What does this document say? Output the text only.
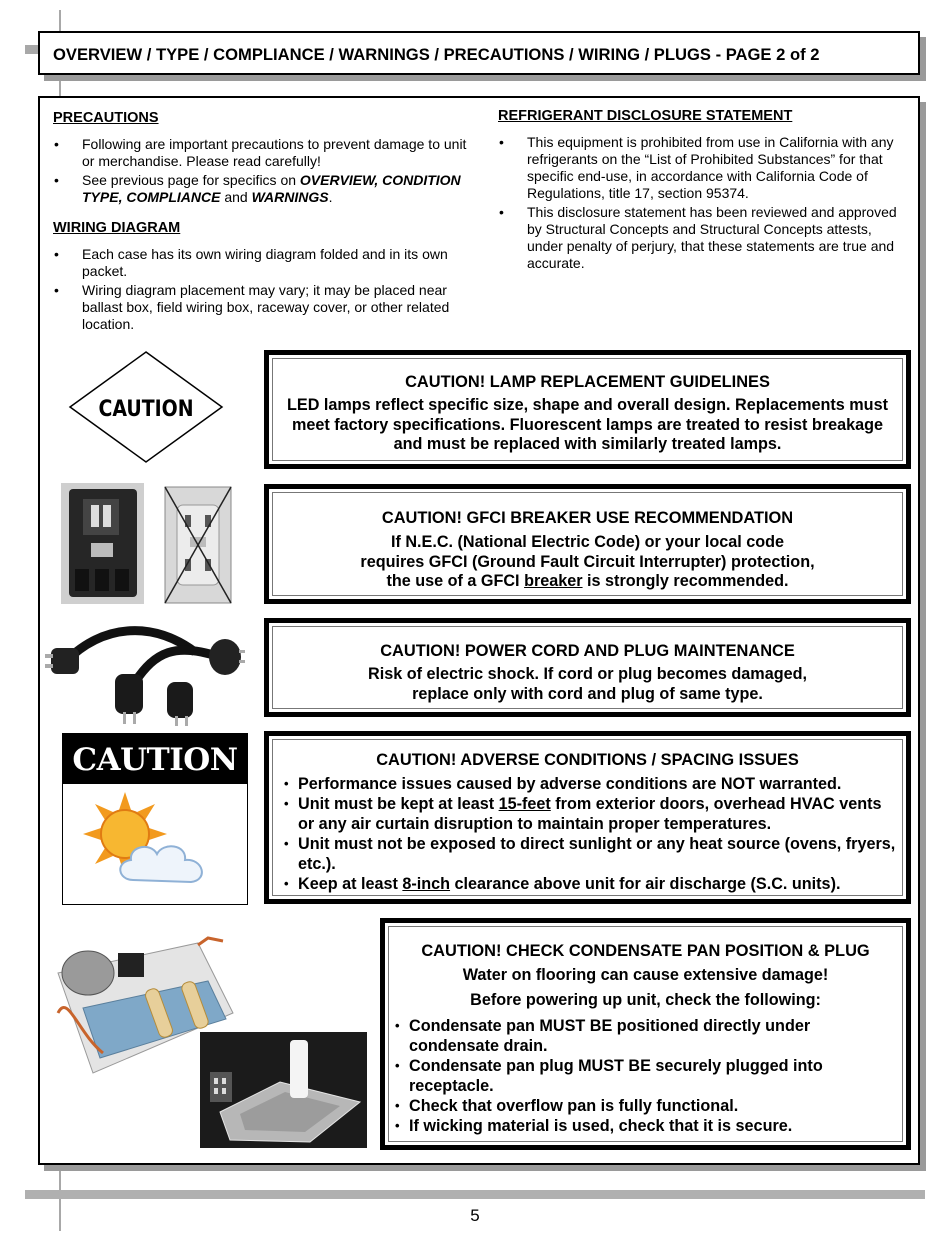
OVERVIEW / TYPE / COMPLIANCE / WARNINGS / PRECAUTIONS / WIRING / PLUGS - PAGE 2 of 2
PRECAUTIONS
• Following are important precautions to prevent damage to unit or merchandise. Please read carefully!
• See previous page for specifics on OVERVIEW, CONDITION TYPE, COMPLIANCE and WARNINGS.
WIRING DIAGRAM
• Each case has its own wiring diagram folded and in its own packet.
• Wiring diagram placement may vary; it may be placed near ballast box, field wiring box, raceway cover, or other related location.
REFRIGERANT DISCLOSURE STATEMENT
• This equipment is prohibited from use in California with any refrigerants on the “List of Prohibited Substances” for that specific end-use, in accordance with California Code of Regulations, title 17, section 95374.
• This disclosure statement has been reviewed and approved by Structural Concepts and Structural Concepts attests, under penalty of perjury, that these statements are true and accurate.
CAUTION
CAUTION! LAMP REPLACEMENT GUIDELINES
LED lamps reflect specific size, shape and overall design. Replacements must meet factory specifications. Fluorescent lamps are treated to resist breakage and must be replaced with similarly treated lamps.
CAUTION! GFCI BREAKER USE RECOMMENDATION
If N.E.C. (National Electric Code) or your local code
requires GFCI (Ground Fault Circuit Interrupter) protection,
the use of a GFCI breaker is strongly recommended.
CAUTION! POWER CORD AND PLUG MAINTENANCE
Risk of electric shock. If cord or plug becomes damaged,
replace only with cord and plug of same type.
CAUTION	CAUTION! ADVERSE CONDITIONS / SPACING ISSUES
• Performance issues caused by adverse conditions are NOT warranted.
• Unit must be kept at least 15-feet from exterior doors, overhead HVAC vents or any air curtain disruption to maintain proper temperatures.
• Unit must not be exposed to direct sunlight or any heat source (ovens, fryers, etc.).
• Keep at least 8-inch clearance above unit for air discharge (S.C. units).
CAUTION! CHECK CONDENSATE PAN POSITION & PLUG
Water on flooring can cause extensive damage!
Before powering up unit, check the following:
• Condensate pan MUST BE positioned directly under condensate drain.
• Condensate pan plug MUST BE securely plugged into receptacle.
• Check that overflow pan is fully functional.
• If wicking material is used, check that it is secure.
5
